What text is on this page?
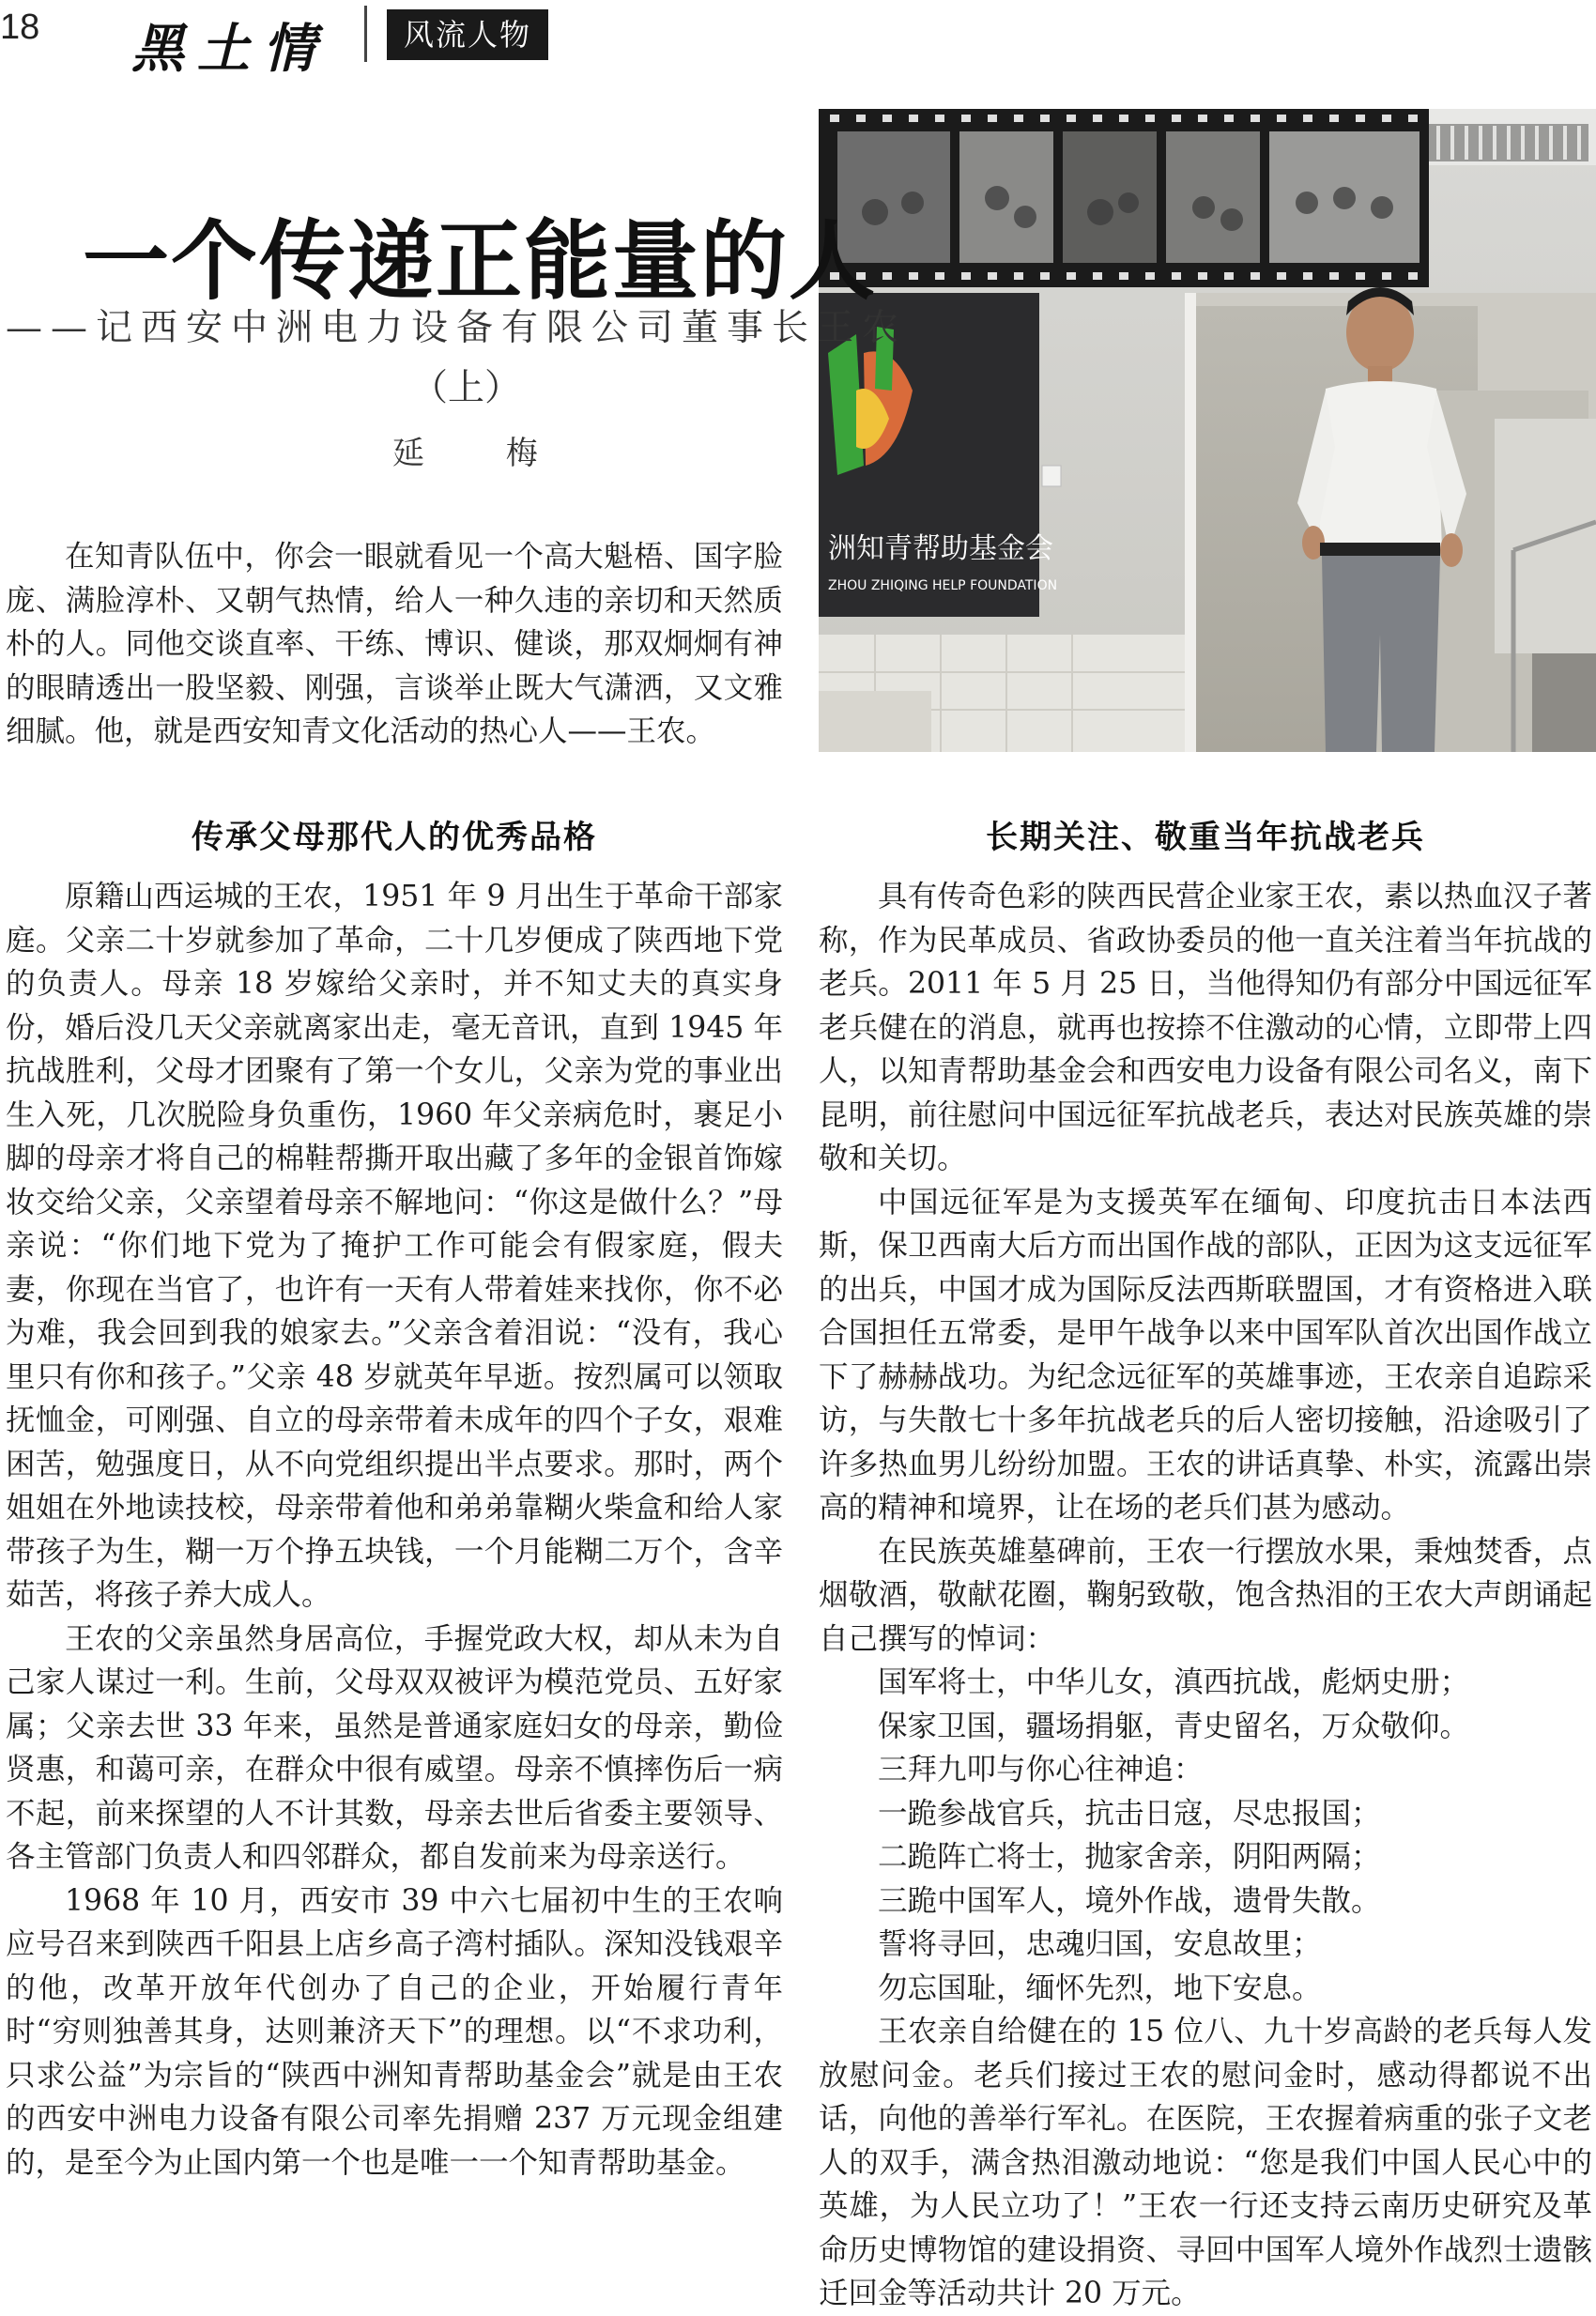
18 黑土情	风流人物
洲知青帮助基金会
ZHOU ZHIQING HELP FOUNDATION
一个传递正能量的人
——记西安中洲电力设备有限公司董事长王农
（上）
延 梅

在知青队伍中，你会一眼就看见一个高大魁梧、国字脸庞、满脸淳朴、又朝气热情，给人一种久违的亲切和天然质朴的人。同他交谈直率、干练、博识、健谈，那双炯炯有神的眼睛透出一股坚毅、刚强，言谈举止既大气潇洒，又文雅细腻。他，就是西安知青文化活动的热心人——王农。

传承父母那代人的优秀品格	长期关注、敬重当年抗战老兵

原籍山西运城的王农，1951 年 9 月出生于革命干部家庭。父亲二十岁就参加了革命，二十几岁便成了陕西地下党的负责人。母亲 18 岁嫁给父亲时，并不知丈夫的真实身份，婚后没几天父亲就离家出走，毫无音讯，直到 1945 年抗战胜利，父母才团聚有了第一个女儿，父亲为党的事业出生入死，几次脱险身负重伤，1960 年父亲病危时，裹足小脚的母亲才将自己的棉鞋帮撕开取出藏了多年的金银首饰嫁妆交给父亲，父亲望着母亲不解地问：“你这是做什么？”母亲说：“你们地下党为了掩护工作可能会有假家庭，假夫妻，你现在当官了，也许有一天有人带着娃来找你，你不必为难，我会回到我的娘家去。”父亲含着泪说：“没有，我心里只有你和孩子。”父亲 48 岁就英年早逝。按烈属可以领取抚恤金，可刚强、自立的母亲带着未成年的四个子女，艰难困苦，勉强度日，从不向党组织提出半点要求。那时，两个姐姐在外地读技校，母亲带着他和弟弟靠糊火柴盒和给人家带孩子为生，糊一万个挣五块钱，一个月能糊二万个，含辛茹苦，将孩子养大成人。

王农的父亲虽然身居高位，手握党政大权，却从未为自己家人谋过一利。生前，父母双双被评为模范党员、五好家属；父亲去世 33 年来，虽然是普通家庭妇女的母亲，勤俭贤惠，和蔼可亲，在群众中很有威望。母亲不慎摔伤后一病不起，前来探望的人不计其数，母亲去世后省委主要领导、各主管部门负责人和四邻群众，都自发前来为母亲送行。

1968 年 10 月，西安市 39 中六七届初中生的王农响应号召来到陕西千阳县上店乡高子湾村插队。深知没钱艰辛的他，改革开放年代创办了自己的企业，开始履行青年时“穷则独善其身，达则兼济天下”的理想。以“不求功利，只求公益”为宗旨的“陕西中洲知青帮助基金会”就是由王农的西安中洲电力设备有限公司率先捐赠 237 万元现金组建的，是至今为止国内第一个也是唯一一个知青帮助基金。

具有传奇色彩的陕西民营企业家王农，素以热血汉子著称，作为民革成员、省政协委员的他一直关注着当年抗战的老兵。2011 年 5 月 25 日，当他得知仍有部分中国远征军老兵健在的消息，就再也按捺不住激动的心情，立即带上四人，以知青帮助基金会和西安电力设备有限公司名义，南下昆明，前往慰问中国远征军抗战老兵，表达对民族英雄的崇敬和关切。

中国远征军是为支援英军在缅甸、印度抗击日本法西斯，保卫西南大后方而出国作战的部队，正因为这支远征军的出兵，中国才成为国际反法西斯联盟国，才有资格进入联合国担任五常委，是甲午战争以来中国军队首次出国作战立下了赫赫战功。为纪念远征军的英雄事迹，王农亲自追踪采访，与失散七十多年抗战老兵的后人密切接触，沿途吸引了许多热血男儿纷纷加盟。王农的讲话真挚、朴实，流露出崇高的精神和境界，让在场的老兵们甚为感动。

在民族英雄墓碑前，王农一行摆放水果，秉烛焚香，点烟敬酒，敬献花圈，鞠躬致敬，饱含热泪的王农大声朗诵起自己撰写的悼词：

国军将士，中华儿女，滇西抗战，彪炳史册；

保家卫国，疆场捐躯，青史留名，万众敬仰。

三拜九叩与你心往神追：

一跪参战官兵，抗击日寇，尽忠报国；

二跪阵亡将士，抛家舍亲，阴阳两隔；

三跪中国军人，境外作战，遗骨失散。

誓将寻回，忠魂归国，安息故里；

勿忘国耻，缅怀先烈，地下安息。

王农亲自给健在的 15 位八、九十岁高龄的老兵每人发放慰问金。老兵们接过王农的慰问金时，感动得都说不出话，向他的善举行军礼。在医院，王农握着病重的张子文老人的双手，满含热泪激动地说：“您是我们中国人民心中的英雄，为人民立功了！”王农一行还支持云南历史研究及革命历史博物馆的建设捐资、寻回中国军人境外作战烈士遗骸迁回金等活动共计 20 万元。
